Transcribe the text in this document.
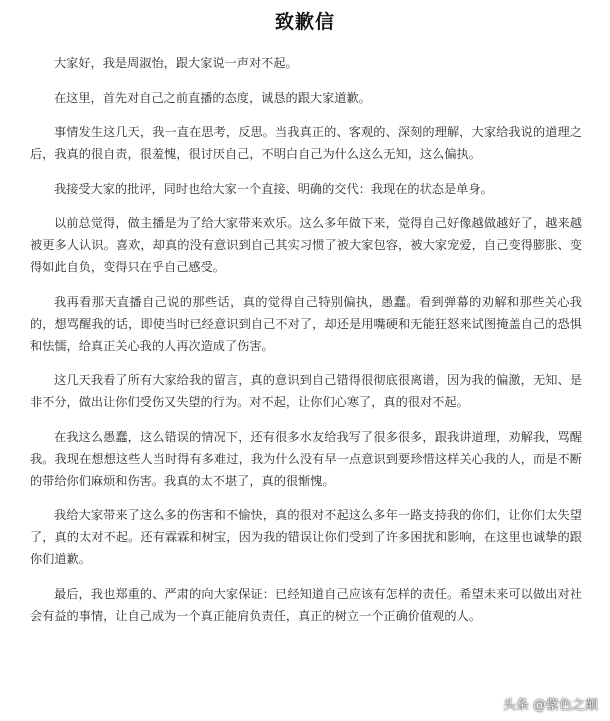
致歉信

大家好，我是周淑怡，跟大家说一声对不起。

在这里，首先对自己之前直播的态度，诚恳的跟大家道歉。

事情发生这几天，我一直在思考，反思。当我真正的、客观的、深刻的理解，大家给我说的道理之后，我真的很自责，很羞愧，很讨厌自己，不明白自己为什么这么无知，这么偏执。

我接受大家的批评，同时也给大家一个直接、明确的交代：我现在的状态是单身。

以前总觉得，做主播是为了给大家带来欢乐。这么多年做下来，觉得自己好像越做越好了，越来越被更多人认识。喜欢，却真的没有意识到自己其实习惯了被大家包容，被大家宠爱，自己变得膨胀、变得如此自负，变得只在乎自己感受。

我再看那天直播自己说的那些话，真的觉得自己特别偏执，愚蠢。看到弹幕的劝解和那些关心我的，想骂醒我的话，即使当时已经意识到自己不对了，却还是用嘴硬和无能狂怒来试图掩盖自己的恐惧和怯懦，给真正关心我的人再次造成了伤害。

这几天我看了所有大家给我的留言，真的意识到自己错得很彻底很离谱，因为我的偏激，无知、是非不分，做出让你们受伤又失望的行为。对不起，让你们心寒了，真的很对不起。

在我这么愚蠢，这么错误的情况下，还有很多水友给我写了很多很多，跟我讲道理，劝解我，骂醒我。我现在想想这些人当时得有多难过，我为什么没有早一点意识到要珍惜这样关心我的人，而是不断的带给你们麻烦和伤害。我真的太不堪了，真的很惭愧。

我给大家带来了这么多的伤害和不愉快，真的很对不起这么多年一路支持我的你们，让你们太失望了，真的太对不起。还有霖霖和树宝，因为我的错误让你们受到了许多困扰和影响，在这里也诚挚的跟你们道歉。

最后，我也郑重的、严肃的向大家保证：已经知道自己应该有怎样的责任。希望未来可以做出对社会有益的事情，让自己成为一个真正能肩负责任，真正的树立一个正确价值观的人。

头条 @紫色之颠
